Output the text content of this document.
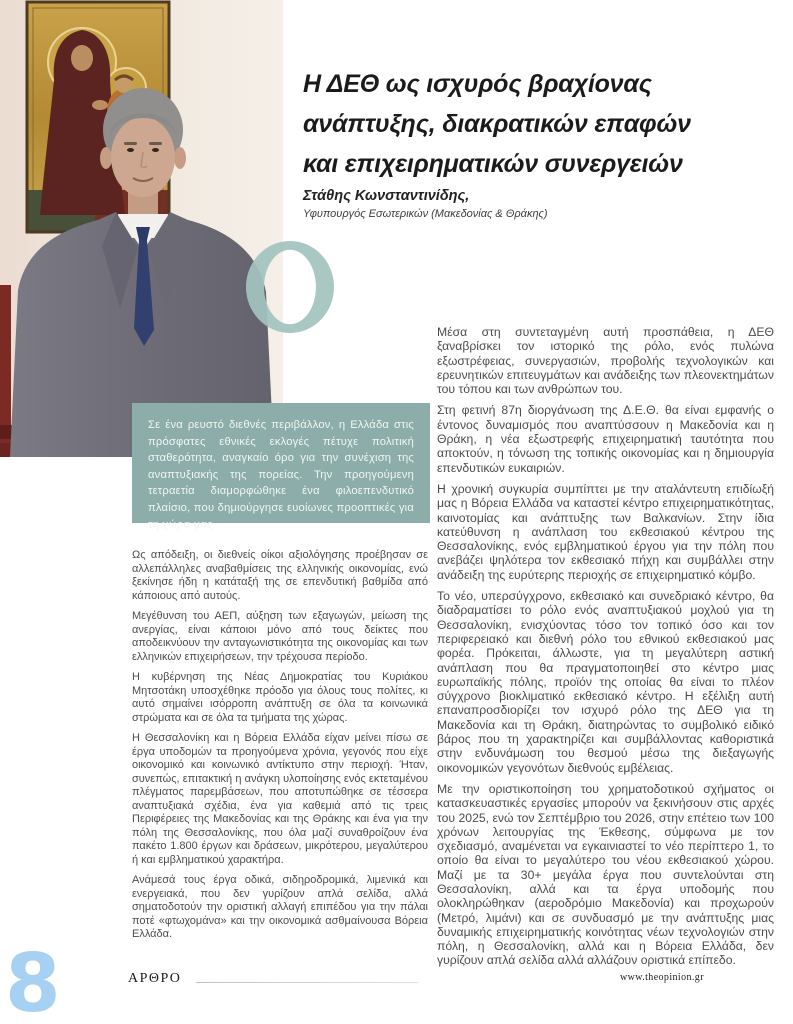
Η ΔΕΘ ως ισχυρός βραχίονας
ανάπτυξης, διακρατικών επαφών
και επιχειρηματικών συνεργειών
Στάθης Κωνσταντινίδης,
Υφυπουργός Εσωτερικών (Μακεδονίας & Θράκης)
Σε ένα ρευστό διεθνές περιβάλλον, η Ελλάδα στις πρόσφατες εθνικές εκλογές πέτυχε πολιτική σταθερότητα, αναγκαίο όρο για την συνέχιση της αναπτυξιακής της πορείας. Την προηγούμενη τετραετία διαμορφώθηκε ένα φιλοεπενδυτικό πλαίσιο, που δημιούργησε ευοίωνες προοπτικές για τη χώρα μας.

Ως απόδειξη, οι διεθνείς οίκοι αξιολόγησης προέβησαν σε αλλεπάλληλες αναβαθμίσεις της ελληνικής οικονομίας, ενώ ξεκίνησε ήδη η κατάταξή της σε επενδυτική βαθμίδα από κάποιους από αυτούς.

Μεγέθυνση του ΑΕΠ, αύξηση των εξαγωγών, μείωση της ανεργίας, είναι κάποιοι μόνο από τους δείκτες που αποδεικνύουν την ανταγωνιστικότητα της οικονομίας και των ελληνικών επιχειρήσεων, την τρέχουσα περίοδο.

Η κυβέρνηση της Νέας Δημοκρατίας του Κυριάκου Μητσοτάκη υποσχέθηκε πρόοδο για όλους τους πολίτες, κι αυτό σημαίνει ισόρροπη ανάπτυξη σε όλα τα κοινωνικά στρώματα και σε όλα τα τμήματα της χώρας.

Η Θεσσαλονίκη και η Βόρεια Ελλάδα είχαν μείνει πίσω σε έργα υποδομών τα προηγούμενα χρόνια, γεγονός που είχε οικονομικό και κοινωνικό αντίκτυπο στην περιοχή. Ήταν, συνεπώς, επιτακτική η ανάγκη υλοποίησης ενός εκτεταμένου πλέγματος παρεμβάσεων, που αποτυπώθηκε σε τέσσερα αναπτυξιακά σχέδια, ένα για καθεμιά από τις τρεις Περιφέρειες της Μακεδονίας και της Θράκης και ένα για την πόλη της Θεσσαλονίκης, που όλα μαζί συναθροίζουν ένα πακέτο 1.800 έργων και δράσεων, μικρότερου, μεγαλύτερου ή και εμβληματικού χαρακτήρα.

Ανάμεσά τους έργα οδικά, σιδηροδρομικά, λιμενικά και ενεργειακά, που δεν γυρίζουν απλά σελίδα, αλλά σηματοδοτούν την οριστική αλλαγή επιπέδου για την πάλαι ποτέ «φτωχομάνα» και την οικονομικά ασθμαίνουσα Βόρεια Ελλάδα.

Μέσα στη συντεταγμένη αυτή προσπάθεια, η ΔΕΘ ξαναβρίσκει τον ιστορικό της ρόλο, ενός πυλώνα εξωστρέφειας, συνεργασιών, προβολής τεχνολογικών και ερευνητικών επιτευγμάτων και ανάδειξης των πλεονεκτημάτων του τόπου και των ανθρώπων του.

Στη φετινή 87η διοργάνωση της Δ.Ε.Θ. θα είναι εμφανής ο έντονος δυναμισμός που αναπτύσσουν η Μακεδονία και η Θράκη, η νέα εξωστρεφής επιχειρηματική ταυτότητα που αποκτούν, η τόνωση της τοπικής οικονομίας και η δημιουργία επενδυτικών ευκαιριών.

Η χρονική συγκυρία συμπίπτει με την αταλάντευτη επιδίωξή μας η Βόρεια Ελλάδα να καταστεί κέντρο επιχειρηματικότητας, καινοτομίας και ανάπτυξης των Βαλκανίων. Στην ίδια κατεύθυνση η ανάπλαση του εκθεσιακού κέντρου της Θεσσαλονίκης, ενός εμβληματικού έργου για την πόλη που ανεβάζει ψηλότερα τον εκθεσιακό πήχη και συμβάλλει στην ανάδειξη της ευρύτερης περιοχής σε επιχειρηματικό κόμβο.

Το νέο, υπερσύγχρονο, εκθεσιακό και συνεδριακό κέντρο, θα διαδραματίσει το ρόλο ενός αναπτυξιακού μοχλού για τη Θεσσαλονίκη, ενισχύοντας τόσο τον τοπικό όσο και τον περιφερειακό και διεθνή ρόλο του εθνικού εκθεσιακού μας φορέα. Πρόκειται, άλλωστε, για τη μεγαλύτερη αστική ανάπλαση που θα πραγματοποιηθεί στο κέντρο μιας ευρωπαϊκής πόλης, προϊόν της οποίας θα είναι το πλέον σύγχρονο βιοκλιματικό εκθεσιακό κέντρο. Η εξέλιξη αυτή επαναπροσδιορίζει τον ισχυρό ρόλο της ΔΕΘ για τη Μακεδονία και τη Θράκη, διατηρώντας το συμβολικό ειδικό βάρος που τη χαρακτηρίζει και συμβάλλοντας καθοριστικά στην ενδυνάμωση του θεσμού μέσω της διεξαγωγής οικονομικών γεγονότων διεθνούς εμβέλειας.

Με την οριστικοποίηση του χρηματοδοτικού σχήματος οι κατασκευαστικές εργασίες μπορούν να ξεκινήσουν στις αρχές του 2025, ενώ τον Σεπτέμβριο του 2026, στην επέτειο των 100 χρόνων λειτουργίας της Έκθεσης, σύμφωνα με τον σχεδιασμό, αναμένεται να εγκαινιαστεί το νέο περίπτερο 1, το οποίο θα είναι το μεγαλύτερο του νέου εκθεσιακού χώρου. Μαζί με τα 30+ μεγάλα έργα που συντελούνται στη Θεσσαλονίκη, αλλά και τα έργα υποδομής που ολοκληρώθηκαν (αεροδρόμιο Μακεδονία) και προχωρούν (Μετρό, λιμάνι) και σε συνδυασμό με την ανάπτυξης μιας δυναμικής επιχειρηματικής κοινότητας νέων τεχνολογιών στην πόλη, η Θεσσαλονίκη, αλλά και η Βόρεια Ελλάδα, δεν γυρίζουν απλά σελίδα αλλά αλλάζουν οριστικά επίπεδο.

8	ΑΡΘΡΟ	www.theopinion.gr
